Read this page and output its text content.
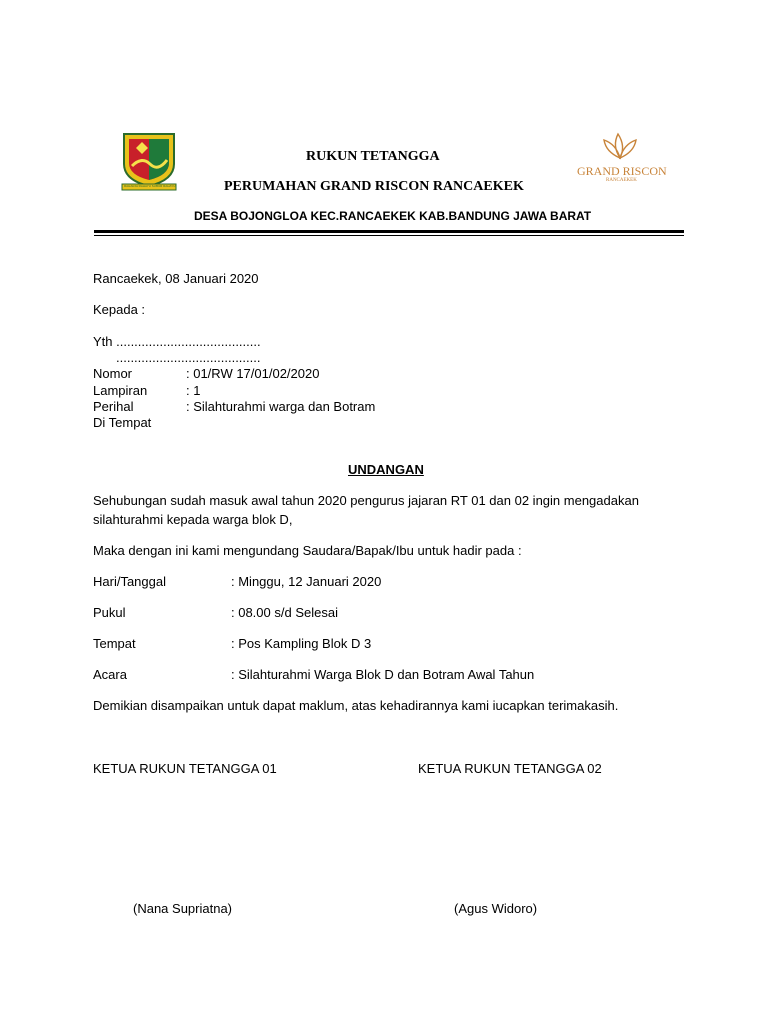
RAHARJA RAHAYU SUBUR RAHAYU
GRAND RISCON
RANCAEKEK
RUKUN TETANGGA
PERUMAHAN GRAND RISCON RANCAEKEK
DESA BOJONGLOA KEC.RANCAEKEK KAB.BANDUNG JAWA BARAT
Rancaekek, 08 Januari 2020
Kepada :
Yth ........................................
........................................
Nomor	: 01/RW 17/01/02/2020
Lampiran	: 1
Perihal	: Silahturahmi warga dan Botram
Di Tempat
UNDANGAN
Sehubungan sudah masuk awal tahun 2020 pengurus jajaran RT 01 dan 02 ingin mengadakan
silahturahmi kepada warga blok D,
Maka dengan ini kami mengundang Saudara/Bapak/Ibu untuk hadir pada :
Hari/Tanggal	: Minggu, 12 Januari 2020
Pukul	: 08.00 s/d Selesai
Tempat	: Pos Kampling Blok D 3
Acara	: Silahturahmi Warga Blok D dan Botram Awal Tahun
Demikian disampaikan untuk dapat maklum, atas kehadirannya kami iucapkan terimakasih.
KETUA RUKUN TETANGGA 01	KETUA RUKUN TETANGGA 02
(Nana Supriatna)	(Agus Widoro)
